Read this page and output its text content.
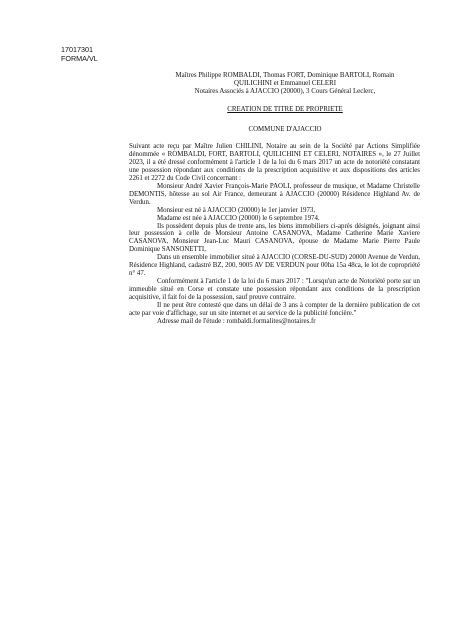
17017301
FORMA/VL
Maîtres Philippe ROMBALDI, Thomas FORT, Dominique BARTOLI, Romain
QUILICHINI et Emmanuel CELERI
Notaires Associés à AJACCIO (20000), 3 Cours Général Leclerc,
CREATION DE TITRE DE PROPRIETE
COMMUNE D'AJACCIO

Suivant acte reçu par Maître Julien CHILINI, Notaire au sein de la Société par Actions Simplifiée dénommée « ROMBALDI, FORT, BARTOLI, QUILICHINI ET CELERI, NOTAIRES », le 27 Juillet 2023, il a été dressé conformément à l'article 1 de la loi du 6 mars 2017 un acte de notoriété constatant une possession répondant aux conditions de la prescription acquisitive et aux dispositions des articles 2261 et 2272 du Code Civil concernant :

Monsieur André Xavier François-Marie PAOLI, professeur de musique, et Madame Christelle DEMONTIS, hôtesse au sol Air France, demeurant à AJACCIO (20000) Résidence Highland Av. de Verdun.

Monsieur est né à AJACCIO (20000) le 1er janvier 1973,

Madame est née à AJACCIO (20000) le 6 septembre 1974.

Ils possèdent depuis plus de trente ans, les biens immobiliers ci-après désignés, joignant ainsi leur possession à celle de Monsieur Antoine CASANOVA, Madame Catherine Marie Xaviere CASANOVA, Monsieur Jean-Luc Mauri CASANOVA, épouse de Madame Marie Pierre Paule Dominique SANSONETTI,

Dans un ensemble immobilier situé à AJACCIO (CORSE-DU-SUD) 20000 Avenue de Verdun, Résidence Highland, cadastré BZ, 200, 9005 AV DE VERDUN pour 00ha 15a 48ca, le lot de copropriété n° 47.

Conformément à l'article 1 de la loi du 6 mars 2017 : "Lorsqu'un acte de Notoriété porte sur un immeuble situé en Corse et constate une possession répondant aux conditions de la prescription acquisitive, il fait foi de la possession, sauf preuve contraire.

Il ne peut être contesté que dans un délai de 3 ans à compter de la dernière publication de cet acte par voie d'affichage, sur un site internet et au service de la publicité foncière."

Adresse mail de l'étude : rombaldi.formalites@notaires.fr
